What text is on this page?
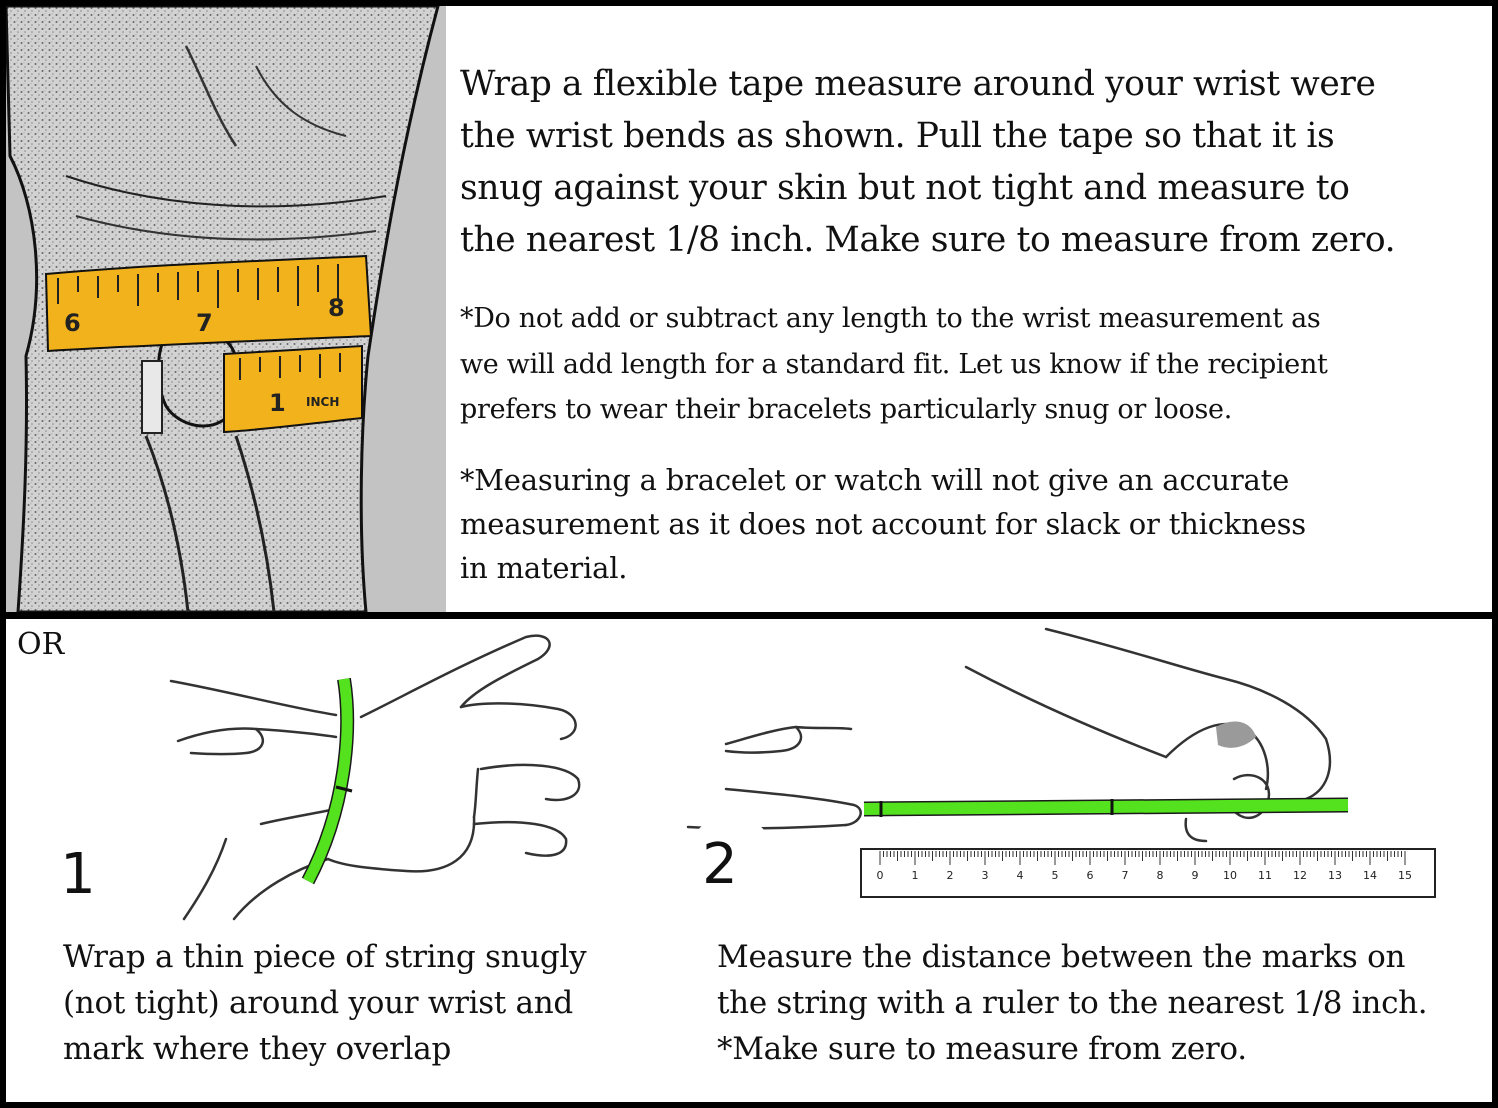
6	7
8
1 INCH

Wrap a flexible tape measure around your wrist were
the wrist bends as shown. Pull the tape so that it is
snug against your skin but not tight and measure to
the nearest 1/8 inch. Make sure to measure from zero.

*Do not add or subtract any length to the wrist measurement as
we will add length for a standard fit. Let us know if the recipient
prefers to wear their bracelets particularly snug or loose.

*Measuring a bracelet or watch will not give an accurate
measurement as it does not account for slack or thickness
in material.

OR

0	1	2	3	4	5	6	7	8	9 10 11 12 13 14 15
1	2

Wrap a thin piece of string snugly
(not tight) around your wrist and
mark where they overlap

Measure the distance between the marks on
the string with a ruler to the nearest 1/8 inch.
*Make sure to measure from zero.
